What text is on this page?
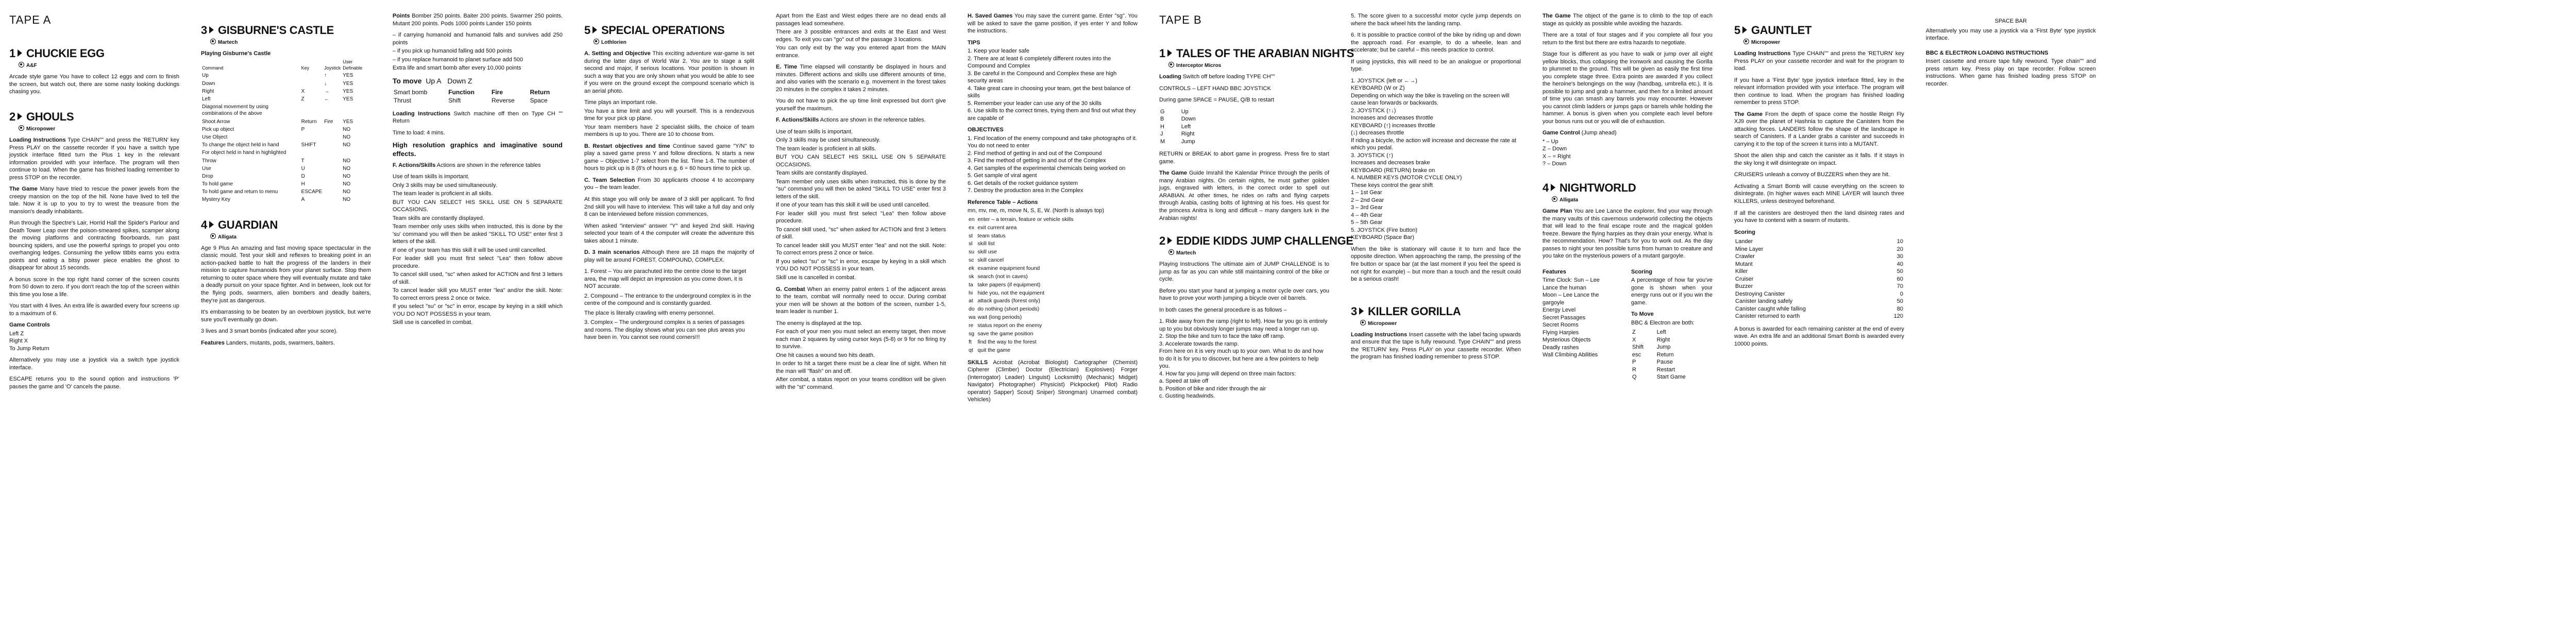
TAPE A
1 CHUCKIE EGG
A&F

Arcade style game You have to collect 12 eggs and corn to finish the screen, but watch out, there are some nasty looking duckings chasing you.

2 GHOULS
Micropower

Loading Instructions Type CHAIN"" and press the 'RETURN' key Press PLAY on the cassette recorder If you have a switch type joystick interface fitted turn the Plus 1 key in the relevant information provided with your interface. The program will then continue to load. When the game has finished loading remember to press STOP on the recorder.

The Game Many have tried to rescue the power jewels from the creepy mansion on the top of the hill. None have lived to tell the tale. Now it is up to you to try to wrest the treasure from the mansion's deadly inhabitants.

Run through the Spectre's Lair, Horrid Hall the Spider's Parlour and Death Tower Leap over the poison-smeared spikes, scamper along the moving platforms and contracting floorboards, run past bouncing spiders, and use the powerful springs to propel you onto overhanging ledges. Consuming the yellow titbits earns you extra points and eating a bitsy power piece enables the ghost to disappear for about 15 seconds.

A bonus score in the top right hand corner of the screen counts from 50 down to zero. If you don't reach the top of the screen within this time you lose a life.

You start with 4 lives. An extra life is awarded every four screens up to a maximum of 6.

Game Controls
Left Z
Right X
To Jump Return

Alternatively you may use a joystick via a switch type joystick interface.

ESCAPE returns you to the sound option and instructions 'P' pauses the game and 'O' cancels the pause.

3 GISBURNE'S CASTLE
Martech
Playing Gisburne's Castle
Command	Key	Joystick	User Definable
Up		↑	YES
Down		↓	YES
Right	X	→	YES
Left	Z	←	YES
Diagonal movement by using combinations of the above			
Shoot Arrow	Return	Fire	YES
Pick up object	P		NO
Use Object			NO
To change the object held in hand	SHIFT		NO
For object held in hand in highlighted			
Throw	T		NO
Use	U		NO
Drop	D		NO
To hold game	H		NO
To hold game and return to menu	ESCAPE		NO
Mystery Key	A		NO
4 GUARDIAN
Alligata

Age 9 Plus An amazing and fast moving space spectacular in the classic mould. Test your skill and reflexes to breaking point in an action-packed battle to halt the progress of the landers in their mission to capture humanoids from your planet surface. Stop them returning to outer space where they will eventually mutate and take a deadly pursuit on your space fighter. And in between, look out for the flying pods, swarmers, alien bombers and deadly baiters, they're just as dangerous.

It's embarrassing to be beaten by an overblown joystick, but we're sure you'll eventually go down.

3 lives and 3 smart bombs (indicated after your score).

Features Landers, mutants, pods, swarmers, baiters.

Points Bomber 250 points. Baiter 200 points. Swarmer 250 points. Mutant 200 points. Pods 1000 points Lander 150 points

– if carrying humanoid and humanoid falls and survives add 250 points

– if you pick up humanoid falling add 500 points

– if you replace humanoid to planet surface add 500

Extra life and smart bomb after every 10,000 points

To move Up A Down Z
Smart bomb	Function	Fire	Return
Thrust	Shift	Reverse	Space

Loading Instructions Switch machine off then on Type CH "" Return

Time to load: 4 mins.

High resolution graphics and imaginative sound effects.

F. Actions/Skills Actions are shown in the reference tables

Use of team skills is important.

Only 3 skills may be used simultaneously.

The team leader is proficient in all skills.

BUT YOU CAN SELECT HIS SKILL USE ON 5 SEPARATE OCCASIONS.

Team skills are constantly displayed.

Team member only uses skills when instructed, this is done by the 'su' command you will then be asked "SKILL TO USE" enter first 3 letters of the skill.

If one of your team has this skill it will be used until cancelled.

For leader skill you must first select "Lea" then follow above procedure.

To cancel skill used, "sc" when asked for ACTION and first 3 letters of skill.

To cancel leader skill you MUST enter "lea" and/or the skill. Note: To correct errors press 2 once or twice.

If you select "su" or "sc" in error, escape by keying in a skill which YOU DO NOT POSSESS in your team.

Skill use is cancelled in combat.

5 SPECIAL OPERATIONS
Lothlorien

A. Setting and Objective This exciting adventure war-game is set during the latter days of World War 2. You are to stage a split second and major, if serious locations. Your position is shown in such a way that you are only shown what you would be able to see if you were on the ground except the compound scenario which is an aerial photo.

Time plays an important role.

You have a time limit and you will yourself. This is a rendezvous time for your pick up plane.

Your team members have 2 specialist skills, the choice of team members is up to you. There are 10 to choose from.

B. Restart objectives and time Continue saved game "Y/N" to play a saved game press Y and follow directions. N starts a new game – Objective 1-7 select from the list. Time 1-8. The number of hours to pick up is 8 (8's of hours e.g. 6 = 60 hours time to pick up.

C. Team Selection From 30 applicants choose 4 to accompany you – the team leader.

At this stage you will only be aware of 3 skill per applicant. To find 2nd skill you will have to interview. This will take a full day and only 8 can be interviewed before mission commences.

When asked "interview" answer "Y" and keyed 2nd skill. Having selected your team of 4 the computer will create the adventure this takes about 1 minute.

D. 3 main scenarios Although there are 18 maps the majority of play will be around FOREST, COMPOUND, COMPLEX.

1. Forest – You are parachuted into the centre close to the target area, the map will depict an impression as you come down, it is NOT accurate.
2. Compound – The entrance to the underground complex is in the centre of the compound and is constantly guarded.
The place is literally crawling with enemy personnel.
3. Complex – The underground complex is a series of passages and rooms. The display shows what you can see plus areas you have been in. You cannot see round corners!!!

Apart from the East and West edges there are no dead ends all passages lead somewhere.

There are 3 possible entrances and exits at the East and West edges. To exit you can "go" out of the passage 3 locations.

You can only exit by the way you entered apart from the MAIN entrance.

E. Time Time elapsed will constantly be displayed in hours and minutes. Different actions and skills use different amounts of time, and also varies with the scenario e.g. movement in the forest takes 20 minutes in the complex it takes 2 minutes.

You do not have to pick the up time limit expressed but don't give yourself the maximum.

F. Actions/Skills Actions are shown in the reference tables.

Use of team skills is important.

Only 3 skills may be used simultaneously.

The team leader is proficient in all skills.

BUT YOU CAN SELECT HIS SKILL USE ON 5 SEPARATE OCCASIONS.

Team skills are constantly displayed.

Team member only uses skills when instructed, this is done by the "su" command you will then be asked "SKILL TO USE" enter first 3 letters of the skill.

If one of your team has this skill it will be used until cancelled.

For leader skill you must first select "Lea" then follow above procedure.

To cancel skill used, "sc" when asked for ACTION and first 3 letters of skill.

To cancel leader skill you MUST enter "lea" and not the skill. Note: To correct errors press 2 once or twice.

If you select "su" or "sc" in error, escape by keying in a skill which YOU DO NOT POSSESS in your team.

Skill use is cancelled in combat.

G. Combat When an enemy patrol enters 1 of the adjacent areas to the team, combat will normally need to occur. During combat your men will be shown at the bottom of the screen, number 1-5, team leader is number 1.

The enemy is displayed at the top.

For each of your men you must select an enemy target, then move each man 2 squares by using cursor keys (5-8) or 9 for no firing try to survive.

One hit causes a wound two hits death.

In order to hit a target there must be a clear line of sight. When hit the man will "flash" on and off.

After combat, a status report on your teams condition will be given with the "st" command.

H. Saved Games You may save the current game. Enter "sg". You will be asked to save the game position, if yes enter Y and follow the instructions.

TIPS
1. Keep your leader safe
2. There are at least 6 completely different routes into the Compound and Complex
3. Be careful in the Compound and Complex these are high security areas
4. Take great care in choosing your team, get the best balance of skills
5. Remember your leader can use any of the 30 skills
6. Use skills to the correct times, trying them and find out what they are capable of
OBJECTIVES
1. Find location of the enemy compound and take photographs of it. You do not need to enter
2. Find method of getting in and out of the Compound
3. Find the method of getting in and out of the Complex
4. Get samples of the experimental chemicals being worked on
5. Get sample of viral agent
6. Get details of the rocket guidance system
7. Destroy the production area in the Complex
Reference Table – Actions

mn, mv, me, m, move N, S, E, W. (North is always top)

en	enter – a terrain, feature or vehicle skills
ex	exit current area
st	team status
sl	skill list
su	skill use
sc	skill cancel
ek	examine equipment found
sk	search (not in caves)
ta	take papers (if equipment)
hi	hide you, not the equipment
at	attack guards (forest only)
do	do nothing (short periods)
wa	wait (long periods)
re	status report on the enemy
sg	save the game position
ft	find the way to the forest
qt	quit the game

SKILLS Acrobat (Acrobat Biologist) Cartographer (Chemist) Cipherer (Climber) Doctor (Electrician) Explosives) Forger (Interrogator) Leader) Linguist) Locksmith) (Mechanic) Midget) Navigator) Photographer) Physicist) Pickpocket) Pilot) Radio operator) Sapper) Scout) Sniper) Strongman) Unarmed combat) Vehicles)

TAPE B
1 TALES OF THE ARABIAN NIGHTS
Interceptor Micros

Loading Switch off before loading TYPE CH""

CONTROLS – LEFT HAND BBC JOYSTICK

During game SPACE = PAUSE, Q/B to restart

G	Up
B	Down
H	Left
J	Right
M	Jump

RETURN or BREAK to abort game in progress. Press fire to start game.

The Game Guide Imrahil the Kalendar Prince through the perils of many Arabian nights. On certain nights, he must gather golden jugs, engraved with letters, in the correct order to spell out ARABIAN. At other times, he rides on rafts and flying carpets through Arabia, casting bolts of lightning at his foes. His quest for the princess Anitra is long and difficult – many dangers lurk in the Arabian nights!

2 EDDIE KIDDS JUMP CHALLENGE
Martech

Playing Instructions The ultimate aim of JUMP CHALLENGE is to jump as far as you can while still maintaining control of the bike or cycle.

Before you start your hand at jumping a motor cycle over cars, you have to prove your worth jumping a bicycle over oil barrels.

In both cases the general procedure is as follows –

1. Ride away from the ramp (right to left). How far you go is entirely up to you but obviously longer jumps may need a longer run up.
2. Stop the bike and turn to face the take off ramp.
3. Accelerate towards the ramp.
From here on it is very much up to your own. What to do and how to do it is for you to discover, but here are a few pointers to help you.
4. How far you jump will depend on three main factors:
a. Speed at take off
b. Position of bike and rider through the air
c. Gusting headwinds.

5. The score given to a successful motor cycle jump depends on where the back wheel hits the landing ramp.

6. It is possible to practice control of the bike by riding up and down the approach road. For example, to do a wheelie, lean and accelerate; but be careful – this needs practice to control.

If using joysticks, this will need to be an analogue or proportional type.

1. JOYSTICK (left or ←→)
KEYBOARD (W or Z)
Depending on which way the bike is traveling on the screen will cause lean forwards or backwards.
2. JOYSTICK (↑↓)
Increases and decreases throttle
KEYBOARD (↑) increases throttle
(↓) decreases throttle
If riding a bicycle, the action will increase and decrease the rate at which you pedal.
3. JOYSTICK (↑)
Increases and decreases brake
KEYBOARD (RETURN) brake on
4. NUMBER KEYS (MOTOR CYCLE ONLY)
These keys control the gear shift
1 – 1st Gear
2 – 2nd Gear
3 – 3rd Gear
4 – 4th Gear
5 – 5th Gear
5. JOYSTICK (Fire button)
KEYBOARD (Space Bar)

When the bike is stationary will cause it to turn and face the opposite direction. When approaching the ramp, the pressing of the fire button or space bar (at the last moment if you feel the speed is not right for example) – but more than a touch and the result could be a serious crash!

3 KILLER GORILLA
Micropower

Loading Instructions Insert cassette with the label facing upwards and ensure that the tape is fully rewound. Type CHAIN"" and press the 'RETURN' key. Press PLAY on your cassette recorder. When the program has finished loading remember to press STOP.

The Game The object of the game is to climb to the top of each stage as quickly as possible while avoiding the hazards.

There are a total of four stages and if you complete all four you return to the first but there are extra hazards to negotiate.

Stage four is different as you have to walk or jump over all eight yellow blocks, thus collapsing the ironwork and causing the Gorilla to plummet to the ground. This will be given as easily the first time you complete stage three. Extra points are awarded if you collect the heroine's belongings on the way (handbag, umbrella etc.). It is possible to jump and grab a hammer, and then for a limited amount of time you can smash any barrels you may encounter. However you cannot climb ladders or jumps gaps or barrels while holding the hammer. A bonus is given when you complete each level before your bonus runs out or you will die of exhaustion.

Game Control (Jump ahead)
* – Up
Z – Down
X – = Right
? – Down
4 NIGHTWORLD
Alligata

Game Plan You are Lee Lance the explorer, find your way through the many vaults of this cavernous underworld collecting the objects that will lead to the final escape route and the magical golden freeze. Beware the flying harpies as they drain your energy. What is the recommendation. How? That's for you to work out. As the day passes to night your ten possible turns from human to creature and you take on the mysterious powers of a mutant gargoyle.

Features
Time Clock: Sun – Lee
Lance the human
Moon – Lee Lance the
gargoyle
Energy Level
Secret Passages
Secret Rooms
Flying Harpies
Mysterious Objects
Deadly rashes
Wall Climbing Abilities
Scoring

A percentage of how far you've gone is shown when your energy runs out or if you win the game.

To Move

BBC & Electron are both:

Z	Left
X	Right
Shift	Jump
esc	Return
P	Pause
R	Restart
Q	Start Game
5 GAUNTLET
Micropower

Loading Instructions Type CHAIN"" and press the 'RETURN' key Press PLAY on your cassette recorder and wait for the program to load.

If you have a 'First Byte' type joystick interface fitted, key in the relevant information provided with your interface. The program will then continue to load. When the program has finished loading remember to press STOP.

The Game From the depth of space come the hostile Reign Fly XJ9 over the planet of Hashnia to capture the Canisters from the attacking forces. LANDERS follow the shape of the landscape in search of Canisters. If a Lander grabs a canister and succeeds in carrying it to the top of the screen it turns into a MUTANT.

Shoot the alien ship and catch the canister as it falls. If it stays in the sky long it will disintegrate on impact.

CRUISERS unleash a convoy of BUZZERS when they are hit.

Activating a Smart Bomb will cause everything on the screen to disintegrate. (In higher waves each MINE LAYER will launch three KILLERS, unless destroyed beforehand.

If all the canisters are destroyed then the land disinteg rates and you have to contend with a swarm of mutants.

Scoring
Lander	10
Mine Layer	20
Crawler	30
Mutant	40
Killer	50
Cruiser	60
Buzzer	70
Destroying Canister	0
Canister landing safely	50
Canister caught while falling	80
Canister returned to earth	120

A bonus is awarded for each remaining canister at the end of every wave. An extra life and an additional Smart Bomb is awarded every 10000 points.

SPACE BAR

Alternatively you may use a joystick via a 'First Byte' type joystick interface.

BBC & ELECTRON LOADING INSTRUCTIONS

Insert cassette and ensure tape fully rewound. Type chain"" and press return key. Press play on tape recorder. Follow screen instructions. When game has finished loading press STOP on recorder.
